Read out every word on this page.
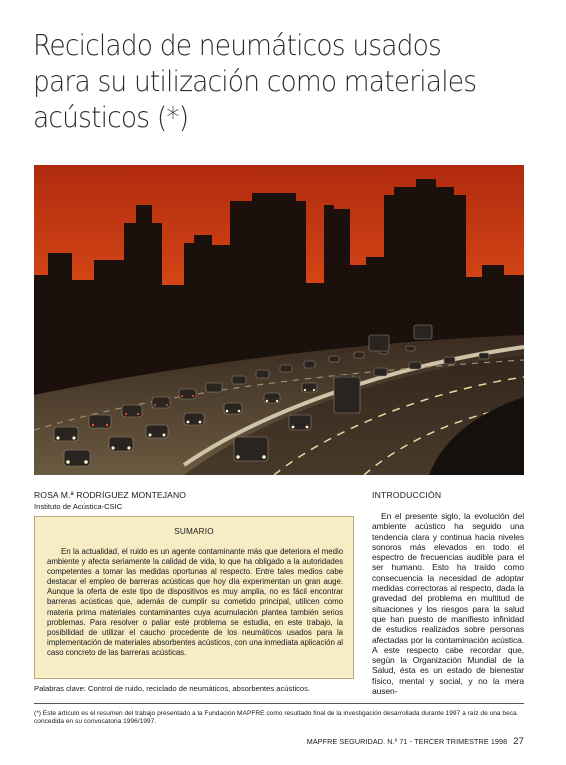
Reciclado de neumáticos usados
para su utilización como materiales
acústicos (*)
ROSA M.ª RODRÍGUEZ MONTEJANO
Instituto de Acústica-CSIC
SUMARIO
En la actualidad, el ruido es un agente contaminante más que deteriora el medio ambiente y afecta seriamente la calidad de vida, lo que ha obligado a la autoridades competentes a tomar las medidas oportunas al respecto. Entre tales medios cabe destacar el empleo de barreras acústicas que hoy día experimentan un gran auge. Aunque la oferta de este tipo de dispositivos es muy amplia, no es fácil encontrar barreras acústicas que, además de cumplir su cometido principal, utilicen como materia prima materiales contaminantes cuya acumulación plantea también serios problemas. Para resolver o paliar este problema se estudia, en este trabajo, la posibilidad de utilizar el caucho procedente de los neumáticos usados para la implementación de materiales absorbentes acústicos, con una inmediata aplicación al caso concreto de las barreras acústicas.
Palabras clave: Control de ruido, reciclado de neumáticos, absorbentes acústicos.
INTRODUCCIÓN
En el presente siglo, la evolución del ambiente acústico ha seguido una tendencia clara y continua hacia niveles sonoros más elevados en todo el espectro de frecuencias audible para el ser humano. Esto ha traído como consecuencia la necesidad de adoptar medidas correctoras al respecto, dada la gravedad del problema en multitud de situaciones y los riesgos para la salud que han puesto de manifiesto infinidad de estudios realizados sobre personas afectadas por la contaminación acústica. A este respecto cabe recordar que, según la Organización Mundial de la Salud, ésta es un estado de bienestar físico, mental y social, y no la mera ausen-
(*) Este artículo es el resumen del trabajo presentado a la Fundación MAPFRE como resultado final de la investigación desarrollada durante 1997 a raíz de una beca concedida en su convocatoria 1996/1997.
MAPFRE SEGURIDAD. N.º 71 - TERCER TRIMESTRE 1998 27
